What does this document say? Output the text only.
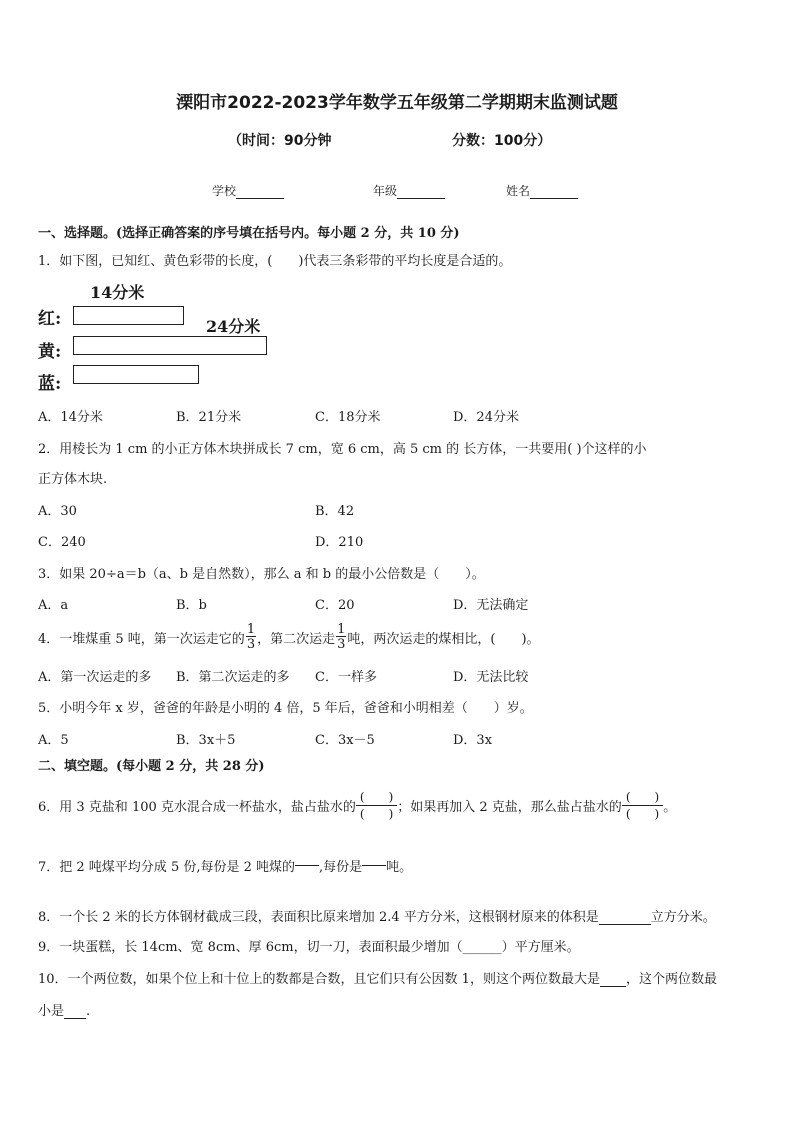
溧阳市2022-2023学年数学五年级第二学期期末监测试题
（时间：90分钟	分数：100分）
学校	年级	姓名
一、选择题。(选择正确答案的序号填在括号内。每小题 2 分，共 10 分)
1．如下图，已知红、黄色彩带的长度，(　　)代表三条彩带的平均长度是合适的。
14分米
红:	24分米
黄:
蓝:
A．14分米	B．21分米	C．18分米	D．24分米
2．用棱长为 1 cm 的小正方体木块拼成长 7 cm，宽 6 cm，高 5 cm 的 长方体，一共要用( )个这样的小
正方体木块.
A．30	B．42
C．240	D．210
3．如果 20÷a＝b（a、b 是自然数），那么 a 和 b 的最小公倍数是（　　）。
A．a	B．b	C．20	D．无法确定
4．一堆煤重 5 吨，第一次运走它的 $\frac{1}{3}$ ，第二次运走 $\frac{1}{3}$ 吨，两次运走的煤相比，(　　)。
A．第一次运走的多 B．第二次运走的多 C．一样多	D．无法比较
5．小明今年 x 岁，爸爸的年龄是小明的 4 倍，5 年后，爸爸和小明相差（　　）岁。
A．5	B．3x＋5	C．3x－5	D．3x
二、填空题。(每小题 2 分，共 28 分)
6．用 3 克盐和 100 克水混合成一杯盐水，盐占盐水的 $\frac{( )}{( )}$ ；如果再加入 2 克盐，那么盐占盐水的 $\frac{( )}{( )}$ 。
7．把 2 吨煤平均分成 5 份,每份是 2 吨煤的 ,每份是 吨。
8．一个长 2 米的长方体钢材截成三段，表面积比原来增加 2.4 平方分米，这根钢材原来的体积是	立方分米。
9．一块蛋糕，长 14cm、宽 8cm、厚 6cm，切一刀，表面积最少增加（______）平方厘米。
10．一个两位数，如果个位上和十位上的数都是合数，且它们只有公因数 1，则这个两位数最大是 ，这个两位数最
小是 .
